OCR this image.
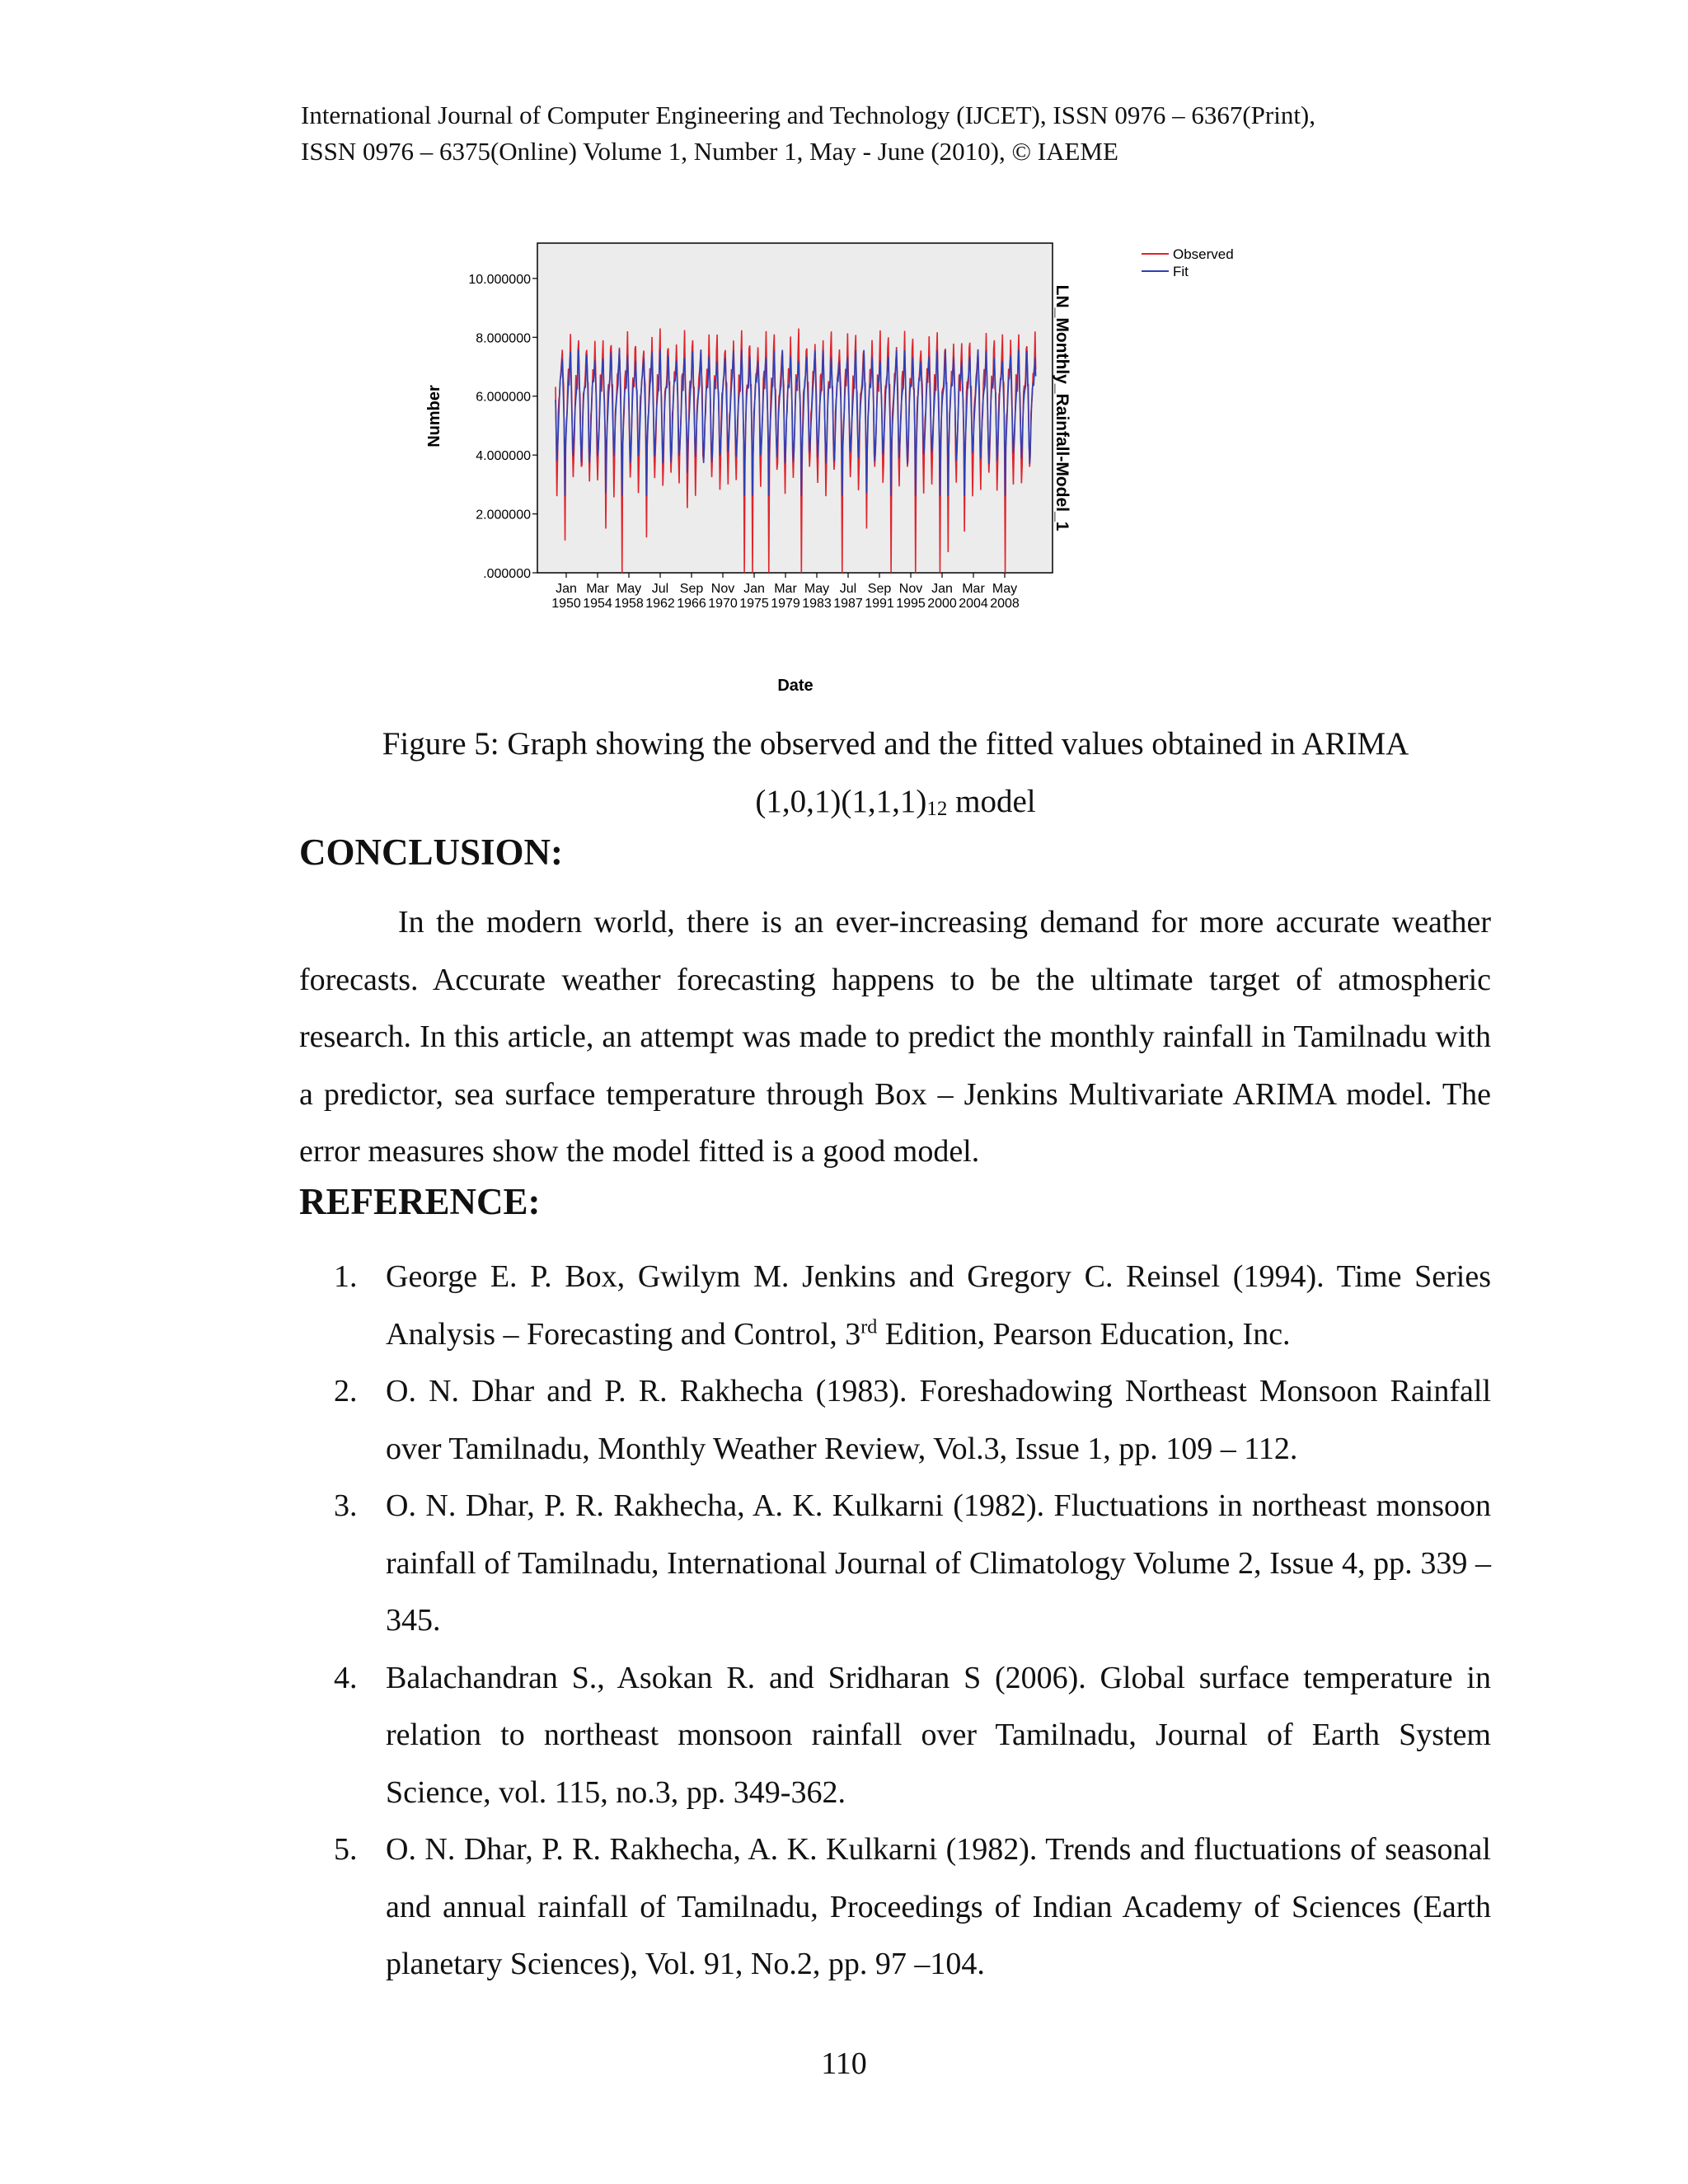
International Journal of Computer Engineering and Technology (IJCET), ISSN 0976 – 6367(Print),
ISSN 0976 – 6375(Online) Volume 1, Number 1, May - June (2010), © IAEME
.000000
2.000000
4.000000
6.000000
8.000000
10.000000
Jan
1950
Mar
1954
May
1958
Jul
1962
Sep
1966
Nov
1970
Jan
1975
Mar
1979
May
1983
Jul
1987
Sep
1991
Nov
1995
Jan
2000
Mar
2004
May
2008
Number
Date
LN_Monthly_Rainfall-Model_1
Observed
Fit
Figure 5: Graph showing the observed and the fitted values obtained in ARIMA
$(1,0,1)(1,1,1)_{12}$ model
CONCLUSION:
In the modern world, there is an ever-increasing demand for more accurate weather forecasts. Accurate weather forecasting happens to be the ultimate target of atmospheric research. In this article, an attempt was made to predict the monthly rainfall in Tamilnadu with a predictor, sea surface temperature through Box – Jenkins Multivariate ARIMA model. The error measures show the model fitted is a good model.
REFERENCE:
1. George E. P. Box, Gwilym M. Jenkins and Gregory C. Reinsel (1994). Time Series Analysis – Forecasting and Control, 3rd Edition, Pearson Education, Inc.
2. O. N. Dhar and P. R. Rakhecha (1983). Foreshadowing Northeast Monsoon Rainfall over Tamilnadu, Monthly Weather Review, Vol.3, Issue 1, pp. 109 – 112.
3. O. N. Dhar, P. R. Rakhecha, A. K. Kulkarni (1982). Fluctuations in northeast monsoon rainfall of Tamilnadu, International Journal of Climatology Volume 2, Issue 4, pp. 339 – 345.
4. Balachandran S., Asokan R. and Sridharan S (2006). Global surface temperature in relation to northeast monsoon rainfall over Tamilnadu, Journal of Earth System Science, vol. 115, no.3, pp. 349-362.
5. O. N. Dhar, P. R. Rakhecha, A. K. Kulkarni (1982). Trends and fluctuations of seasonal and annual rainfall of Tamilnadu, Proceedings of Indian Academy of Sciences (Earth planetary Sciences), Vol. 91, No.2, pp. 97 –104.
110
